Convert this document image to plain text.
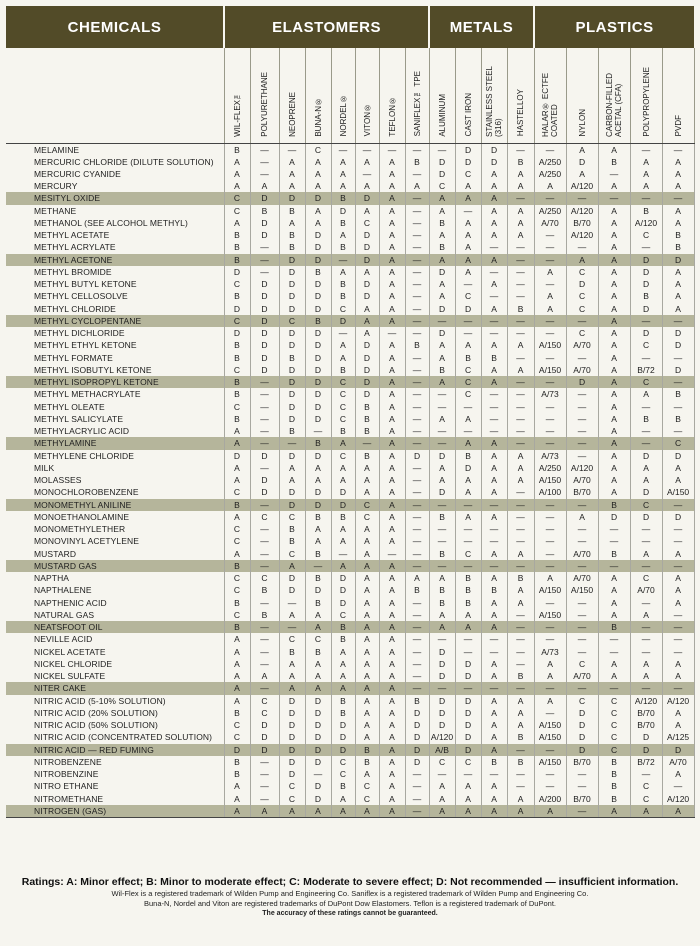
CHEMICALS	ELASTOMERS								METALS				PLASTICS				

	WIL-FLEX™	POLYURETHANE	NEOPRENE	BUNA-N®	NORDEL®	VITON®	TEFLON®	SANIFLEX™ TPE	ALUMINUM	CAST IRON	STAINLESS STEEL (316)	HASTELLOY	HALAR® ECTFE COATED	NYLON	CARBON-FILLED ACETAL (CFA)	POLYPROPYLENE	PVDF

MELAMINE	B	—	—	C	—	—	—	—	—	D	D	—	—	A	A	—	—
MERCURIC CHLORIDE (DILUTE SOLUTION)	A	—	A	A	A	A	A	B	D	D	D	B	A/250	D	B	A	A
MERCURIC CYANIDE	A	—	A	A	A	—	A	—	D	C	A	A	A/250	A	—	A	A
MERCURY	A	A	A	A	A	A	A	A	C	A	A	A	A	A/120	A	A	A
MESITYL OXIDE	C	D	D	D	B	D	A	—	A	A	A	—	—	—	—	—	—
METHANE	C	B	B	A	D	A	A	—	A	—	A	A	A/250	A/120	A	B	A
METHANOL (SEE ALCOHOL METHYL)	A	D	A	A	B	C	A	—	B	A	A	A	A/70	B/70	A	A/120	A
METHYL ACETATE	B	D	B	D	A	D	A	—	A	A	A	A	—	A/120	A	C	B
METHYL ACRYLATE	B	—	B	D	B	D	A	—	B	A	—	—	—	—	A	—	B
METHYL ACETONE	B	—	D	D	—	D	A	—	A	A	A	—	—	A	A	D	D
METHYL BROMIDE	D	—	D	B	A	A	A	—	D	A	—	—	A	C	A	D	A
METHYL BUTYL KETONE	C	D	D	D	B	D	A	—	A	—	A	—	—	D	A	D	A
METHYL CELLOSOLVE	B	D	D	D	B	D	A	—	A	C	—	—	A	C	A	B	A
METHYL CHLORIDE	D	D	D	D	C	A	A	—	D	D	A	B	A	C	A	D	A
METHYL CYCLOPENTANE	C	D	C	B	D	A	A	—	—	—	—	—	—	—	A	—	—
METHYL DICHLORIDE	D	D	D	D	—	A	—	—	D	—	—	—	—	C	A	D	D
METHYL ETHYL KETONE	B	D	D	D	A	D	A	B	A	A	A	A	A/150	A/70	A	C	D
METHYL FORMATE	B	D	B	D	A	D	A	—	A	B	B	—	—	—	A	—	—
METHYL ISOBUTYL KETONE	C	D	D	D	B	D	A	—	B	C	A	A	A/150	A/70	A	B/72	D
METHYL ISOPROPYL KETONE	B	—	D	D	C	D	A	—	A	C	A	—	—	D	A	C	—
METHYL METHACRYLATE	B	—	D	D	C	D	A	—	—	C	—	—	A/73	—	A	A	B
METHYL OLEATE	C	—	D	D	C	B	A	—	—	—	—	—	—	—	A	—	—
METHYL SALICYLATE	B	—	D	D	C	B	A	—	A	A	—	—	—	—	A	B	B
METHYLACRYLIC ACID	A	—	B	—	B	B	A	—	—	—	—	—	—	—	A	—	—
METHYLAMINE	A	—	—	B	A	—	A	—	—	A	A	—	—	—	A	—	C
METHYLENE CHLORIDE	D	D	D	D	C	B	A	D	D	B	A	A	A/73	—	A	D	D
MILK	A	—	A	A	A	A	A	—	A	D	A	A	A/250	A/120	A	A	A
MOLASSES	A	D	A	A	A	A	A	—	A	A	A	A	A/150	A/70	A	A	A
MONOCHLOROBENZENE	C	D	D	D	D	A	A	—	D	A	A	—	A/100	B/70	A	D	A/150
MONOMETHYL ANILINE	B	—	D	D	D	C	A	—	—	—	—	—	—	—	B	C	—
MONOETHANOLAMINE	A	C	C	B	B	C	A	—	B	A	A	—	—	A	D	D	D
MONOMETHYLETHER	C	—	B	A	A	A	A	—	—	—	—	—	—	—	—	—	—
MONOVINYL ACETYLENE	C	—	B	A	A	A	A	—	—	—	—	—	—	—	—	—	—
MUSTARD	A	—	C	B	—	A	—	—	B	C	A	A	—	A/70	B	A	A
MUSTARD GAS	B	—	A	—	A	A	A	—	—	—	—	—	—	—	—	—	—
NAPTHA	C	C	D	B	D	A	A	A	A	B	A	B	A	A/70	A	C	A
NAPTHALENE	C	B	D	D	D	A	A	B	B	B	B	A	A/150	A/150	A	A/70	A
NAPTHENIC ACID	B	—	—	B	D	A	A	—	B	B	A	A	—	—	A	—	A
NATURAL GAS	C	B	A	A	C	A	A	—	A	A	A	—	A/150	—	A	A	—
NEATSFOOT OIL	B	—	—	A	B	A	A	—	A	A	A	—	—	—	B	—	—
NEVILLE ACID	A	—	C	C	B	A	A	—	—	—	—	—	—	—	—	—	—
NICKEL ACETATE	A	—	B	B	A	A	A	—	D	—	—	—	A/73	—	—	—	—
NICKEL CHLORIDE	A	—	A	A	A	A	A	—	D	D	A	—	A	C	A	A	A
NICKEL SULFATE	A	A	A	A	A	A	A	—	D	D	A	B	A	A/70	A	A	A
NITER CAKE	A	—	A	A	A	A	A	—	—	—	—	—	—	—	—	—	—
NITRIC ACID (5-10% SOLUTION)	A	C	D	D	B	A	A	B	D	D	A	A	A	C	C	A/120	A/120
NITRIC ACID (20% SOLUTION)	B	C	D	D	B	A	A	D	D	D	A	A	—	D	C	B/70	A
NITRIC ACID (50% SOLUTION)	C	D	D	D	D	A	A	D	D	D	A	A	A/150	D	C	B/70	A
NITRIC ACID (CONCENTRATED SOLUTION)	C	D	D	D	D	A	A	D	A/120	D	A	B	A/150	D	C	D	A/125
NITRIC ACID — RED FUMING	D	D	D	D	D	B	A	D	A/B	D	A	—	—	D	C	D	D
NITROBENZENE	B	—	D	D	C	B	A	D	C	C	B	B	A/150	B/70	B	B/72	A/70
NITROBENZINE	B	—	D	—	C	A	A	—	—	—	—	—	—	—	B	—	A
NITRO ETHANE	A	—	C	D	B	C	A	—	A	A	A	—	—	—	B	C	—
NITROMETHANE	A	—	C	D	A	C	A	—	A	A	A	A	A/200	B/70	B	C	A/120
NITROGEN (GAS)	A	A	A	A	A	A	A	—	A	A	A	A	A	—	A	A	A
Ratings: A: Minor effect; B: Minor to moderate effect; C: Moderate to severe effect; D: Not recommended — insufficient information.
Wil-Flex is a registered trademark of Wilden Pump and Engineering Co. Saniflex is a registered trademark of Wilden Pump and Engineering Co.
Buna-N, Nordel and Viton are registered trademarks of DuPont Dow Elastomers. Teflon is a registered trademark of DuPont.
The accuracy of these ratings cannot be guaranteed.
